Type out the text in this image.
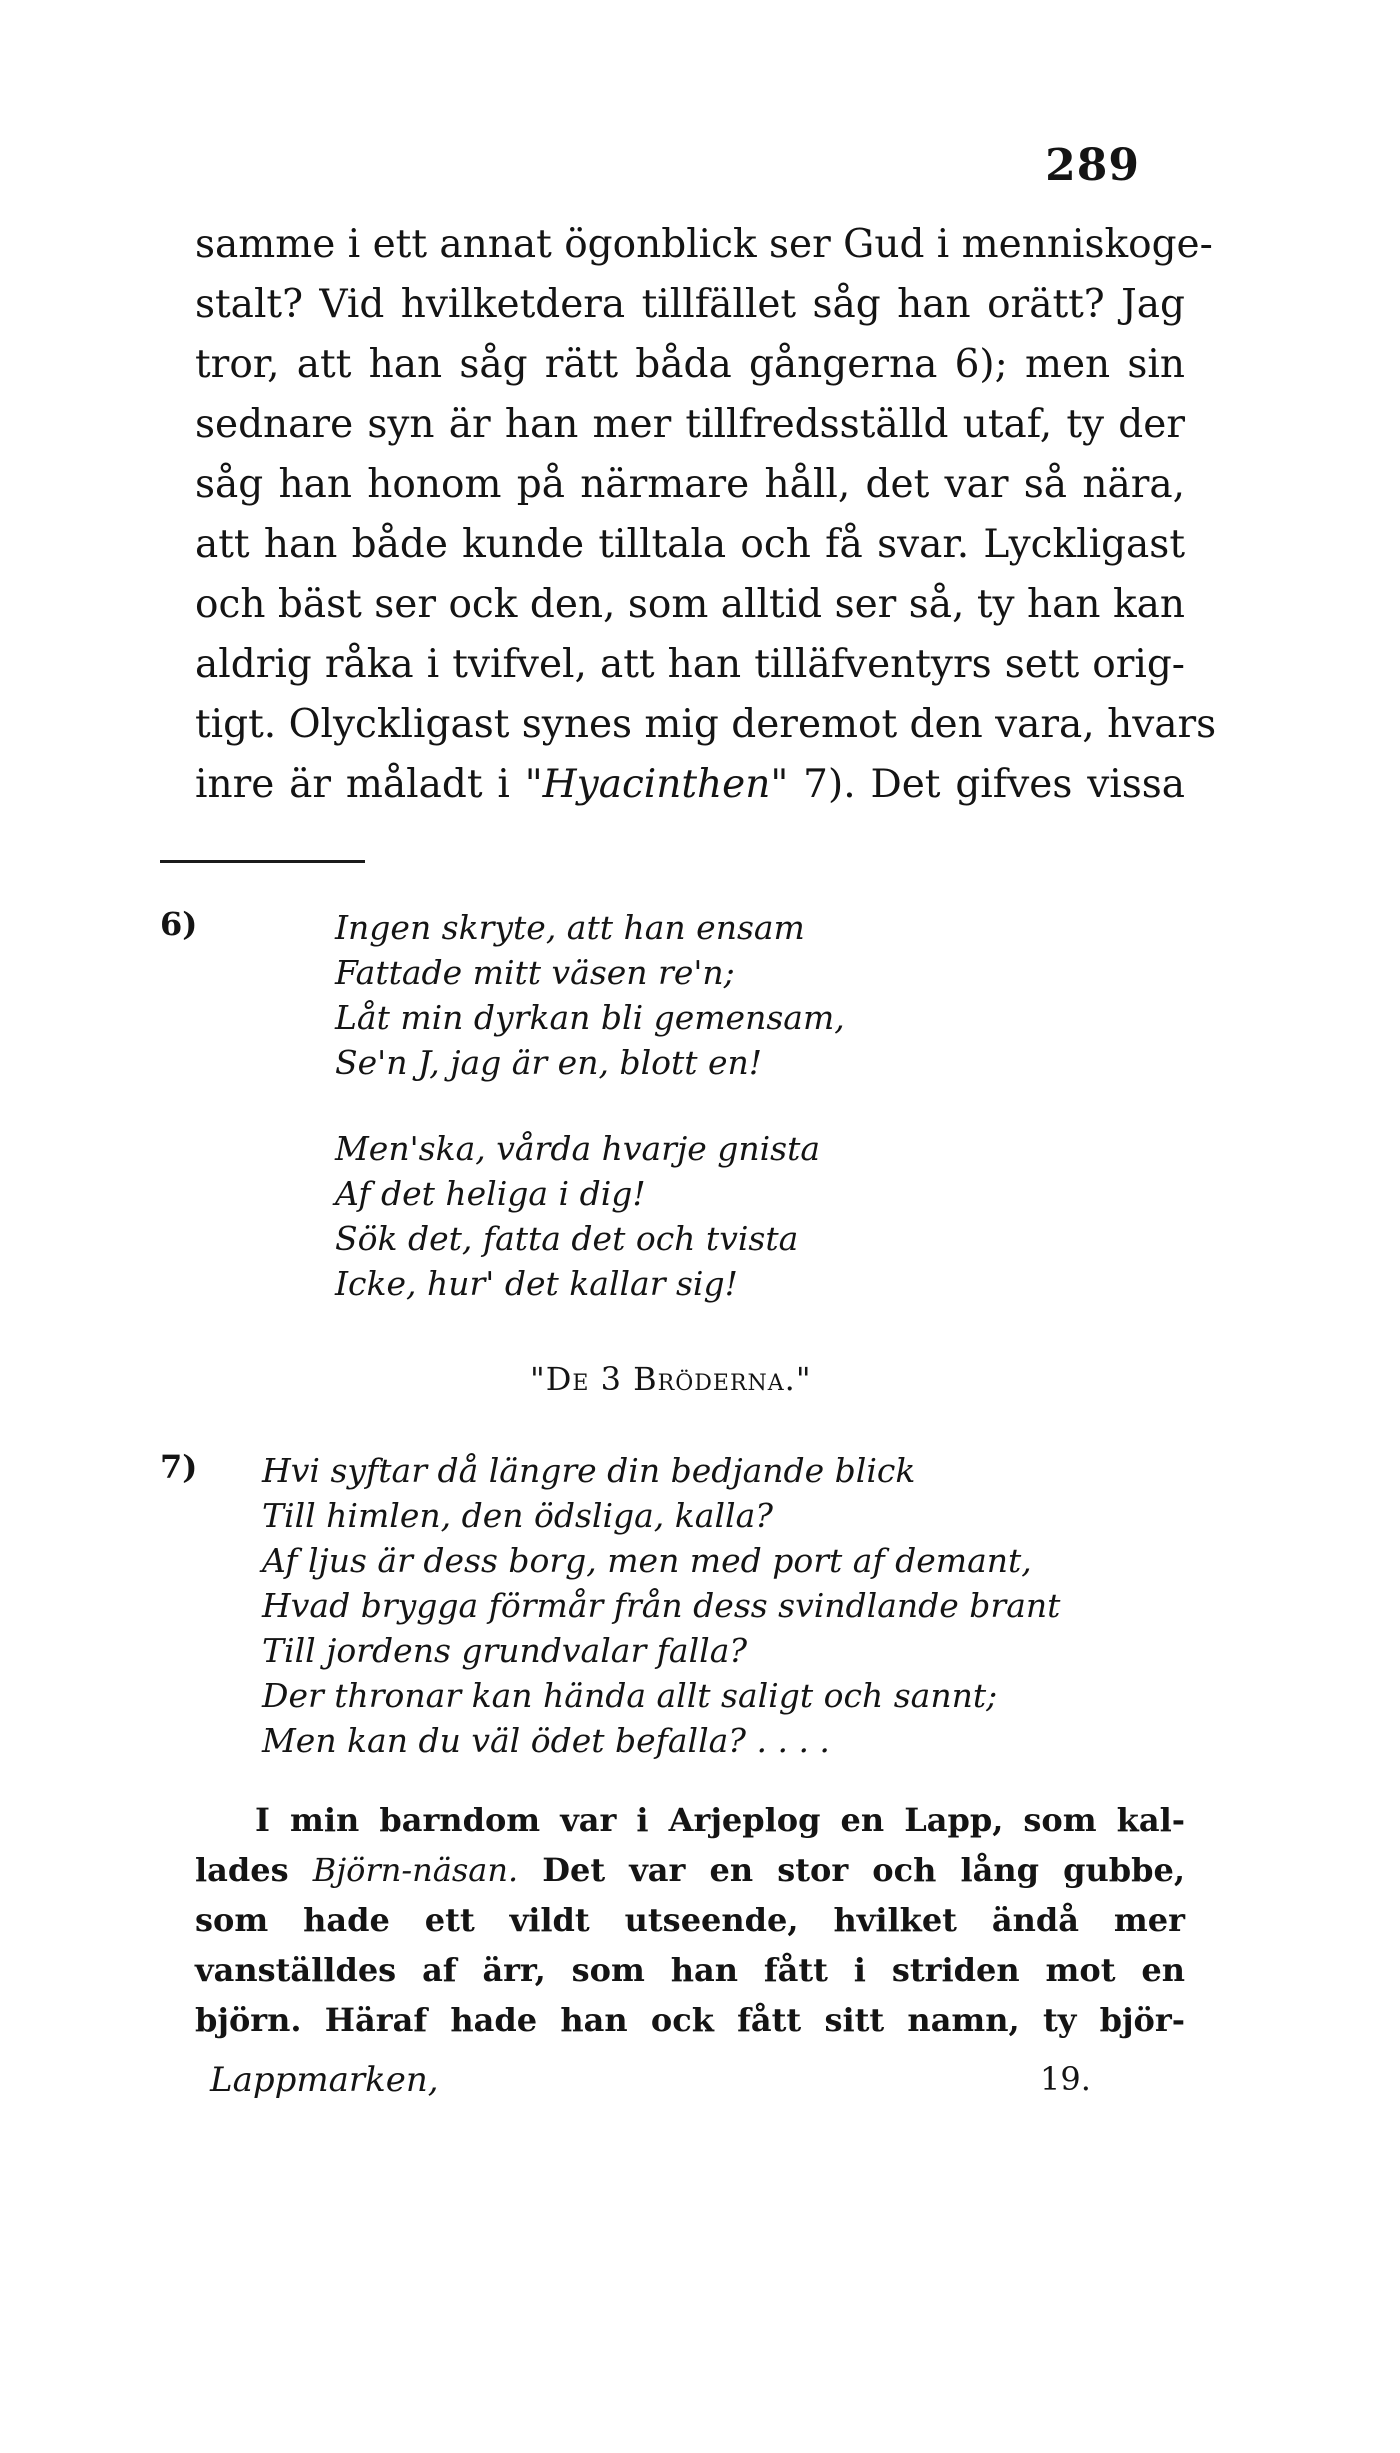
289
samme i ett annat ögonblick ser Gud i menniskoge-
stalt? Vid hvilketdera tillfället såg han orätt? Jag
tror, att han såg rätt båda gångerna 6); men sin
sednare syn är han mer tillfredsställd utaf, ty der
såg han honom på närmare håll, det var så nära,
att han både kunde tilltala och få svar. Lyckligast
och bäst ser ock den, som alltid ser så, ty han kan
aldrig råka i tvifvel, att han tilläfventyrs sett orig-
tigt. Olyckligast synes mig deremot den vara, hvars
inre är måladt i "Hyacinthen" 7). Det gifves vissa
6)	Ingen skryte, att han ensam
Fattade mitt väsen re'n;
Låt min dyrkan bli gemensam,
Se'n J, jag är en, blott en!
Men'ska, vårda hvarje gnista
Af det heliga i dig!
Sök det, fatta det och tvista
Icke, hur' det kallar sig!
"De 3 Bröderna."
7) Hvi syftar då längre din bedjande blick
Till himlen, den ödsliga, kalla?
Af ljus är dess borg, men med port af demant,
Hvad brygga förmår från dess svindlande brant
Till jordens grundvalar falla?
Der thronar kan hända allt saligt och sannt;
Men kan du väl ödet befalla? . . . .
I min barndom var i Arjeplog en Lapp, som kal-
lades Björn-näsan. Det var en stor och lång gubbe,
som hade ett vildt utseende, hvilket ändå mer
vanställdes af ärr, som han fått i striden mot en
björn. Häraf hade han ock fått sitt namn, ty björ-
Lappmarken,	19.
